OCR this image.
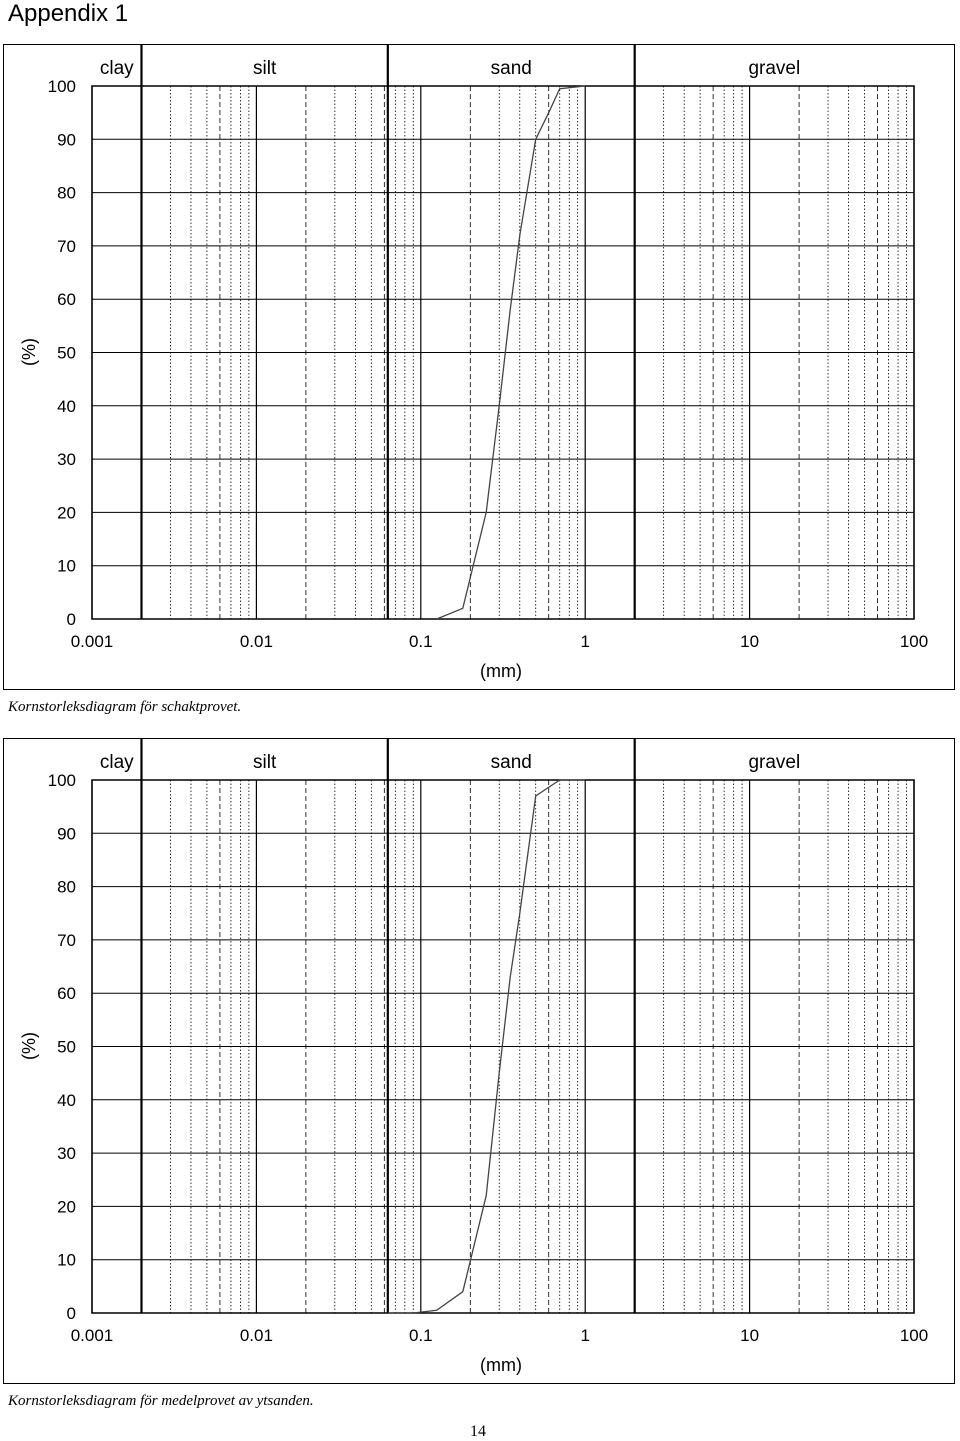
Appendix 1
clay	silt	sand	gravel
0
10
20
30
40
50
60
70
80
90
100
0.001	0.01	0.1	1	10	100
(mm)
(%)
Kornstorleksdiagram för schaktprovet.
clay	silt	sand	gravel
0
10
20
30
40
50
60
70
80
90
100
0.001	0.01	0.1	1	10	100
(mm)
(%)
Kornstorleksdiagram för medelprovet av ytsanden.
14
